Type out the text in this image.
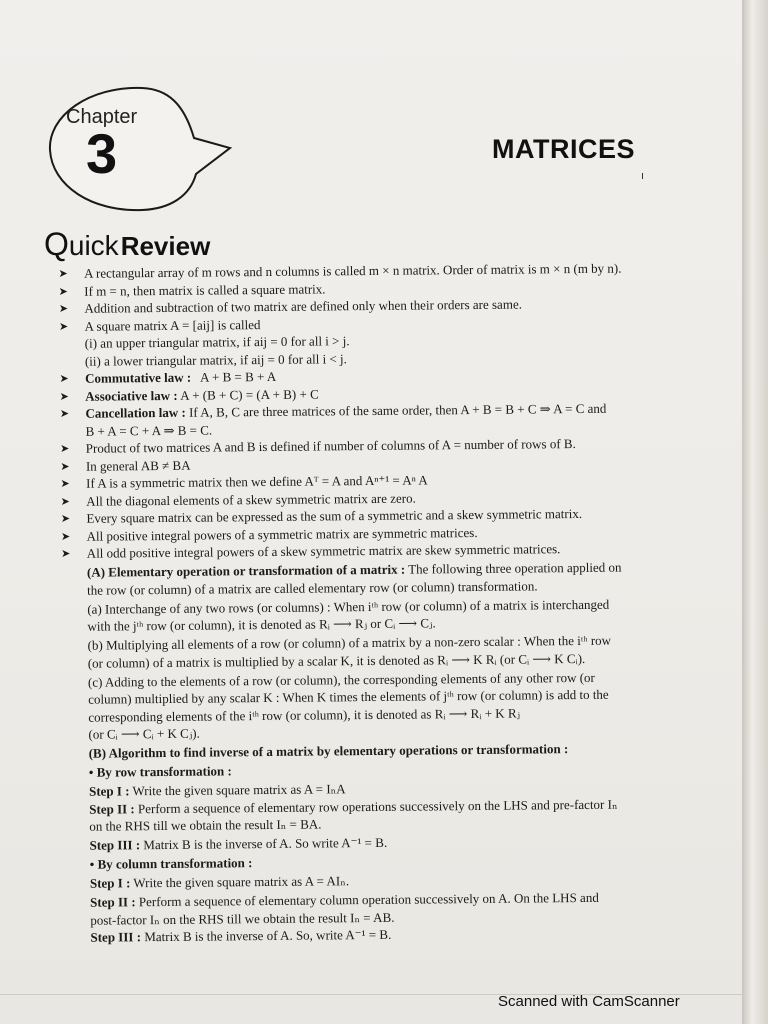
Chapter
3	MATRICES
QuickReview
➤ A rectangular array of m rows and n columns is called m × n matrix. Order of matrix is m × n (m by n).
➤ If m = n, then matrix is called a square matrix.
➤ Addition and subtraction of two matrix are defined only when their orders are same.
➤ A square matrix A = [aij] is called
(i) an upper triangular matrix, if aij = 0 for all i > j.
(ii) a lower triangular matrix, if aij = 0 for all i < j.
➤ Commutative law : A + B = B + A
➤ Associative law : A + (B + C) = (A + B) + C
➤ Cancellation law : If A, B, C are three matrices of the same order, then A + B = B + C ⇒ A = C and
B + A = C + A ⇒ B = C.
➤ Product of two matrices A and B is defined if number of columns of A = number of rows of B.
➤ In general AB ≠ BA
➤ If A is a symmetric matrix then we define Aᵀ = A and Aⁿ⁺¹ = Aⁿ A
➤ All the diagonal elements of a skew symmetric matrix are zero.
➤ Every square matrix can be expressed as the sum of a symmetric and a skew symmetric matrix.
➤ All positive integral powers of a symmetric matrix are symmetric matrices.
➤ All odd positive integral powers of a skew symmetric matrix are skew symmetric matrices.
(A) Elementary operation or transformation of a matrix : The following three operation applied on
the row (or column) of a matrix are called elementary row (or column) transformation.
(a) Interchange of any two rows (or columns) : When iᵗʰ row (or column) of a matrix is interchanged
with the jᵗʰ row (or column), it is denoted as Rᵢ ⟶ Rⱼ or Cᵢ ⟶ Cⱼ.
(b) Multiplying all elements of a row (or column) of a matrix by a non-zero scalar : When the iᵗʰ row
(or column) of a matrix is multiplied by a scalar K, it is denoted as Rᵢ ⟶ K Rᵢ (or Cᵢ ⟶ K Cᵢ).
(c) Adding to the elements of a row (or column), the corresponding elements of any other row (or
column) multiplied by any scalar K : When K times the elements of jᵗʰ row (or column) is add to the
corresponding elements of the iᵗʰ row (or column), it is denoted as Rᵢ ⟶ Rᵢ + K Rⱼ
(or Cᵢ ⟶ Cᵢ + K Cⱼ).
(B) Algorithm to find inverse of a matrix by elementary operations or transformation :
• By row transformation :
Step I : Write the given square matrix as A = IₙA
Step II : Perform a sequence of elementary row operations successively on the LHS and pre-factor Iₙ
on the RHS till we obtain the result Iₙ = BA.
Step III : Matrix B is the inverse of A. So write A⁻¹ = B.
• By column transformation :
Step I : Write the given square matrix as A = AIₙ.
Step II : Perform a sequence of elementary column operation successively on A. On the LHS and
post-factor Iₙ on the RHS till we obtain the result Iₙ = AB.
Step III : Matrix B is the inverse of A. So, write A⁻¹ = B.
Scanned with CamScanner
